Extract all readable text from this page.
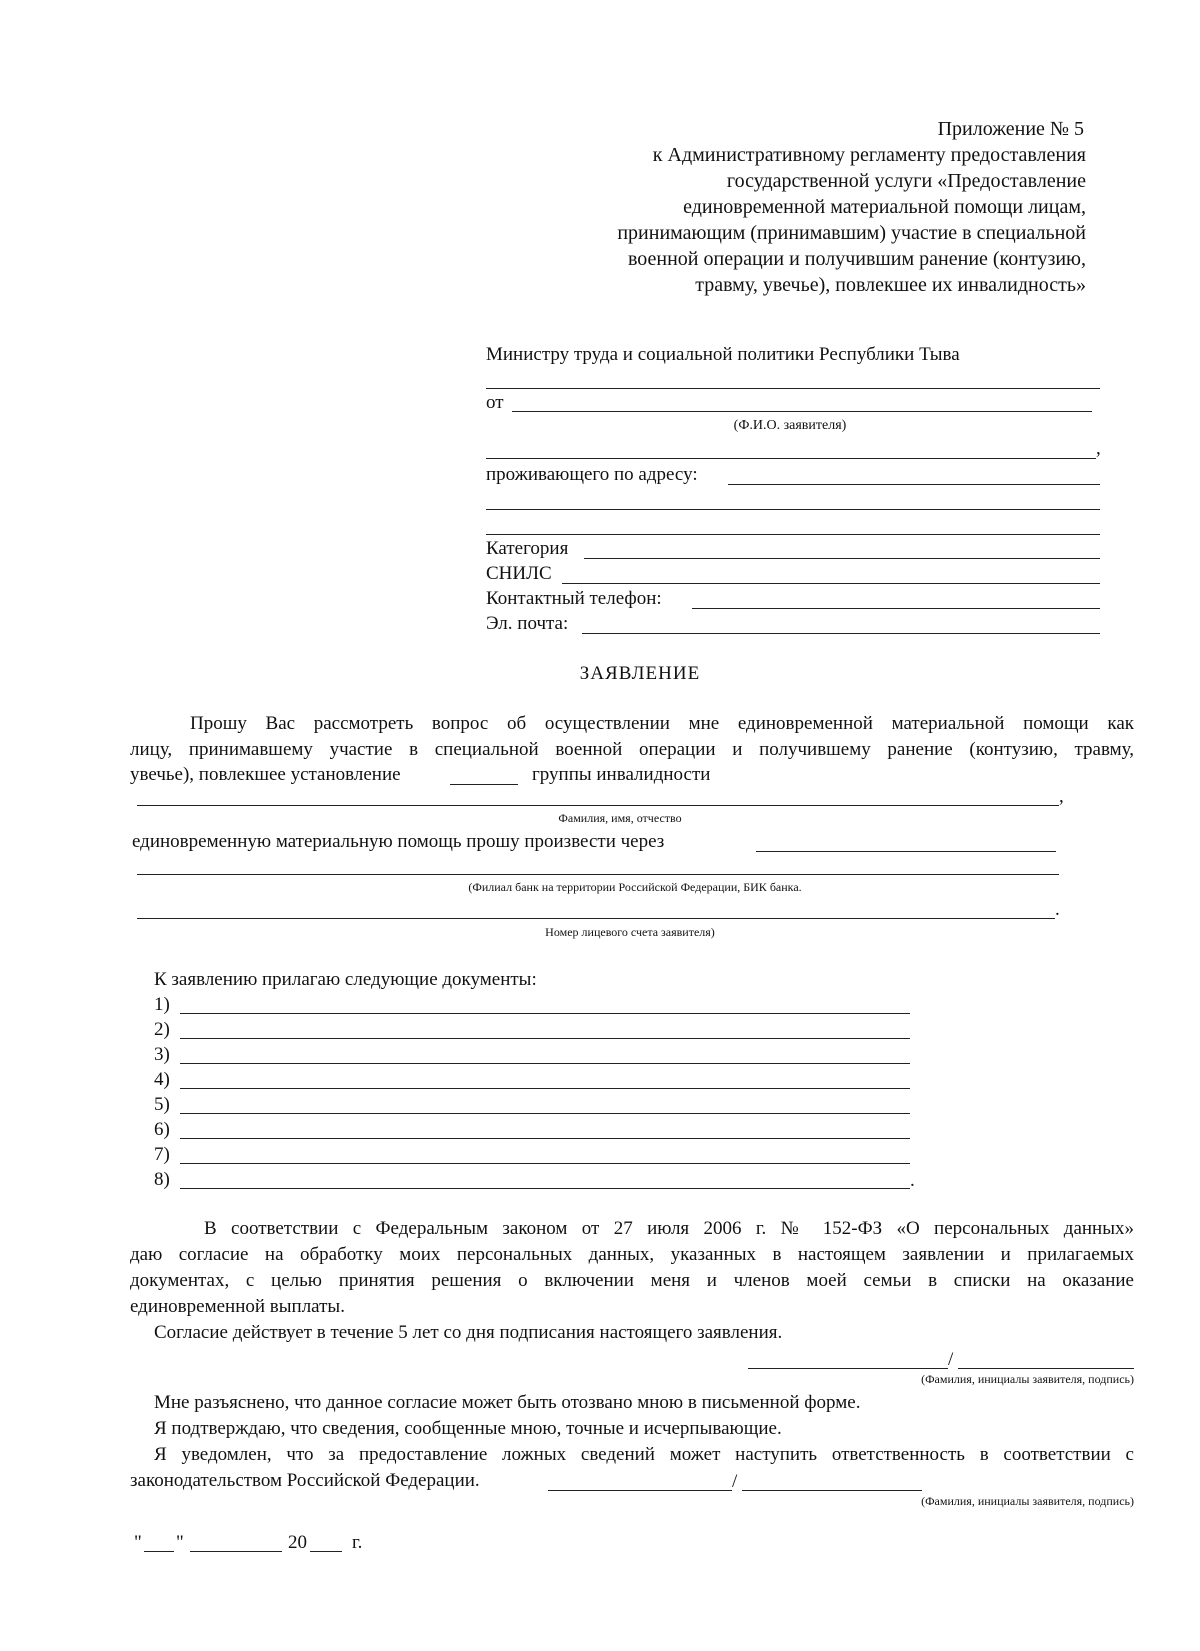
Приложение № 5
к Административному регламенту предоставления
государственной услуги «Предоставление
единовременной материальной помощи лицам,
принимающим (принимавшим) участие в специальной
военной операции и получившим ранение (контузию,
травму, увечье), повлекшее их инвалидность»
Министру труда и социальной политики Республики Тыва
от
(Ф.И.О. заявителя)
,
проживающего по адресу:
Категория
СНИЛС
Контактный телефон:
Эл. почта:
ЗАЯВЛЕНИЕ
Прошу Вас рассмотреть вопрос об осуществлении мне единовременной материальной помощи как
лицу, принимавшему участие в специальной военной операции и получившему ранение (контузию, травму,
увечье), повлекшее установление	группы инвалидности
,
Фамилия, имя, отчество
единовременную материальную помощь прошу произвести через
(Филиал банк на территории Российской Федерации, БИК банка.
.
Номер лицевого счета заявителя)
К заявлению прилагаю следующие документы:
1)
2)
3)
4)
5)
6)
7)
8)	.
В соответствии с Федеральным законом от 27 июля 2006 г. № 152-ФЗ «О персональных данных»
даю согласие на обработку моих персональных данных, указанных в настоящем заявлении и прилагаемых
документах, с целью принятия решения о включении меня и членов моей семьи в списки на оказание
единовременной выплаты.
Согласие действует в течение 5 лет со дня подписания настоящего заявления.
/
(Фамилия, инициалы заявителя, подпись)
Мне разъяснено, что данное согласие может быть отозвано мною в письменной форме.
Я подтверждаю, что сведения, сообщенные мною, точные и исчерпывающие.
Я уведомлен, что за предоставление ложных сведений может наступить ответственность в соответствии с
законодательством Российской Федерации.	/
(Фамилия, инициалы заявителя, подпись)
" "	20 г.
